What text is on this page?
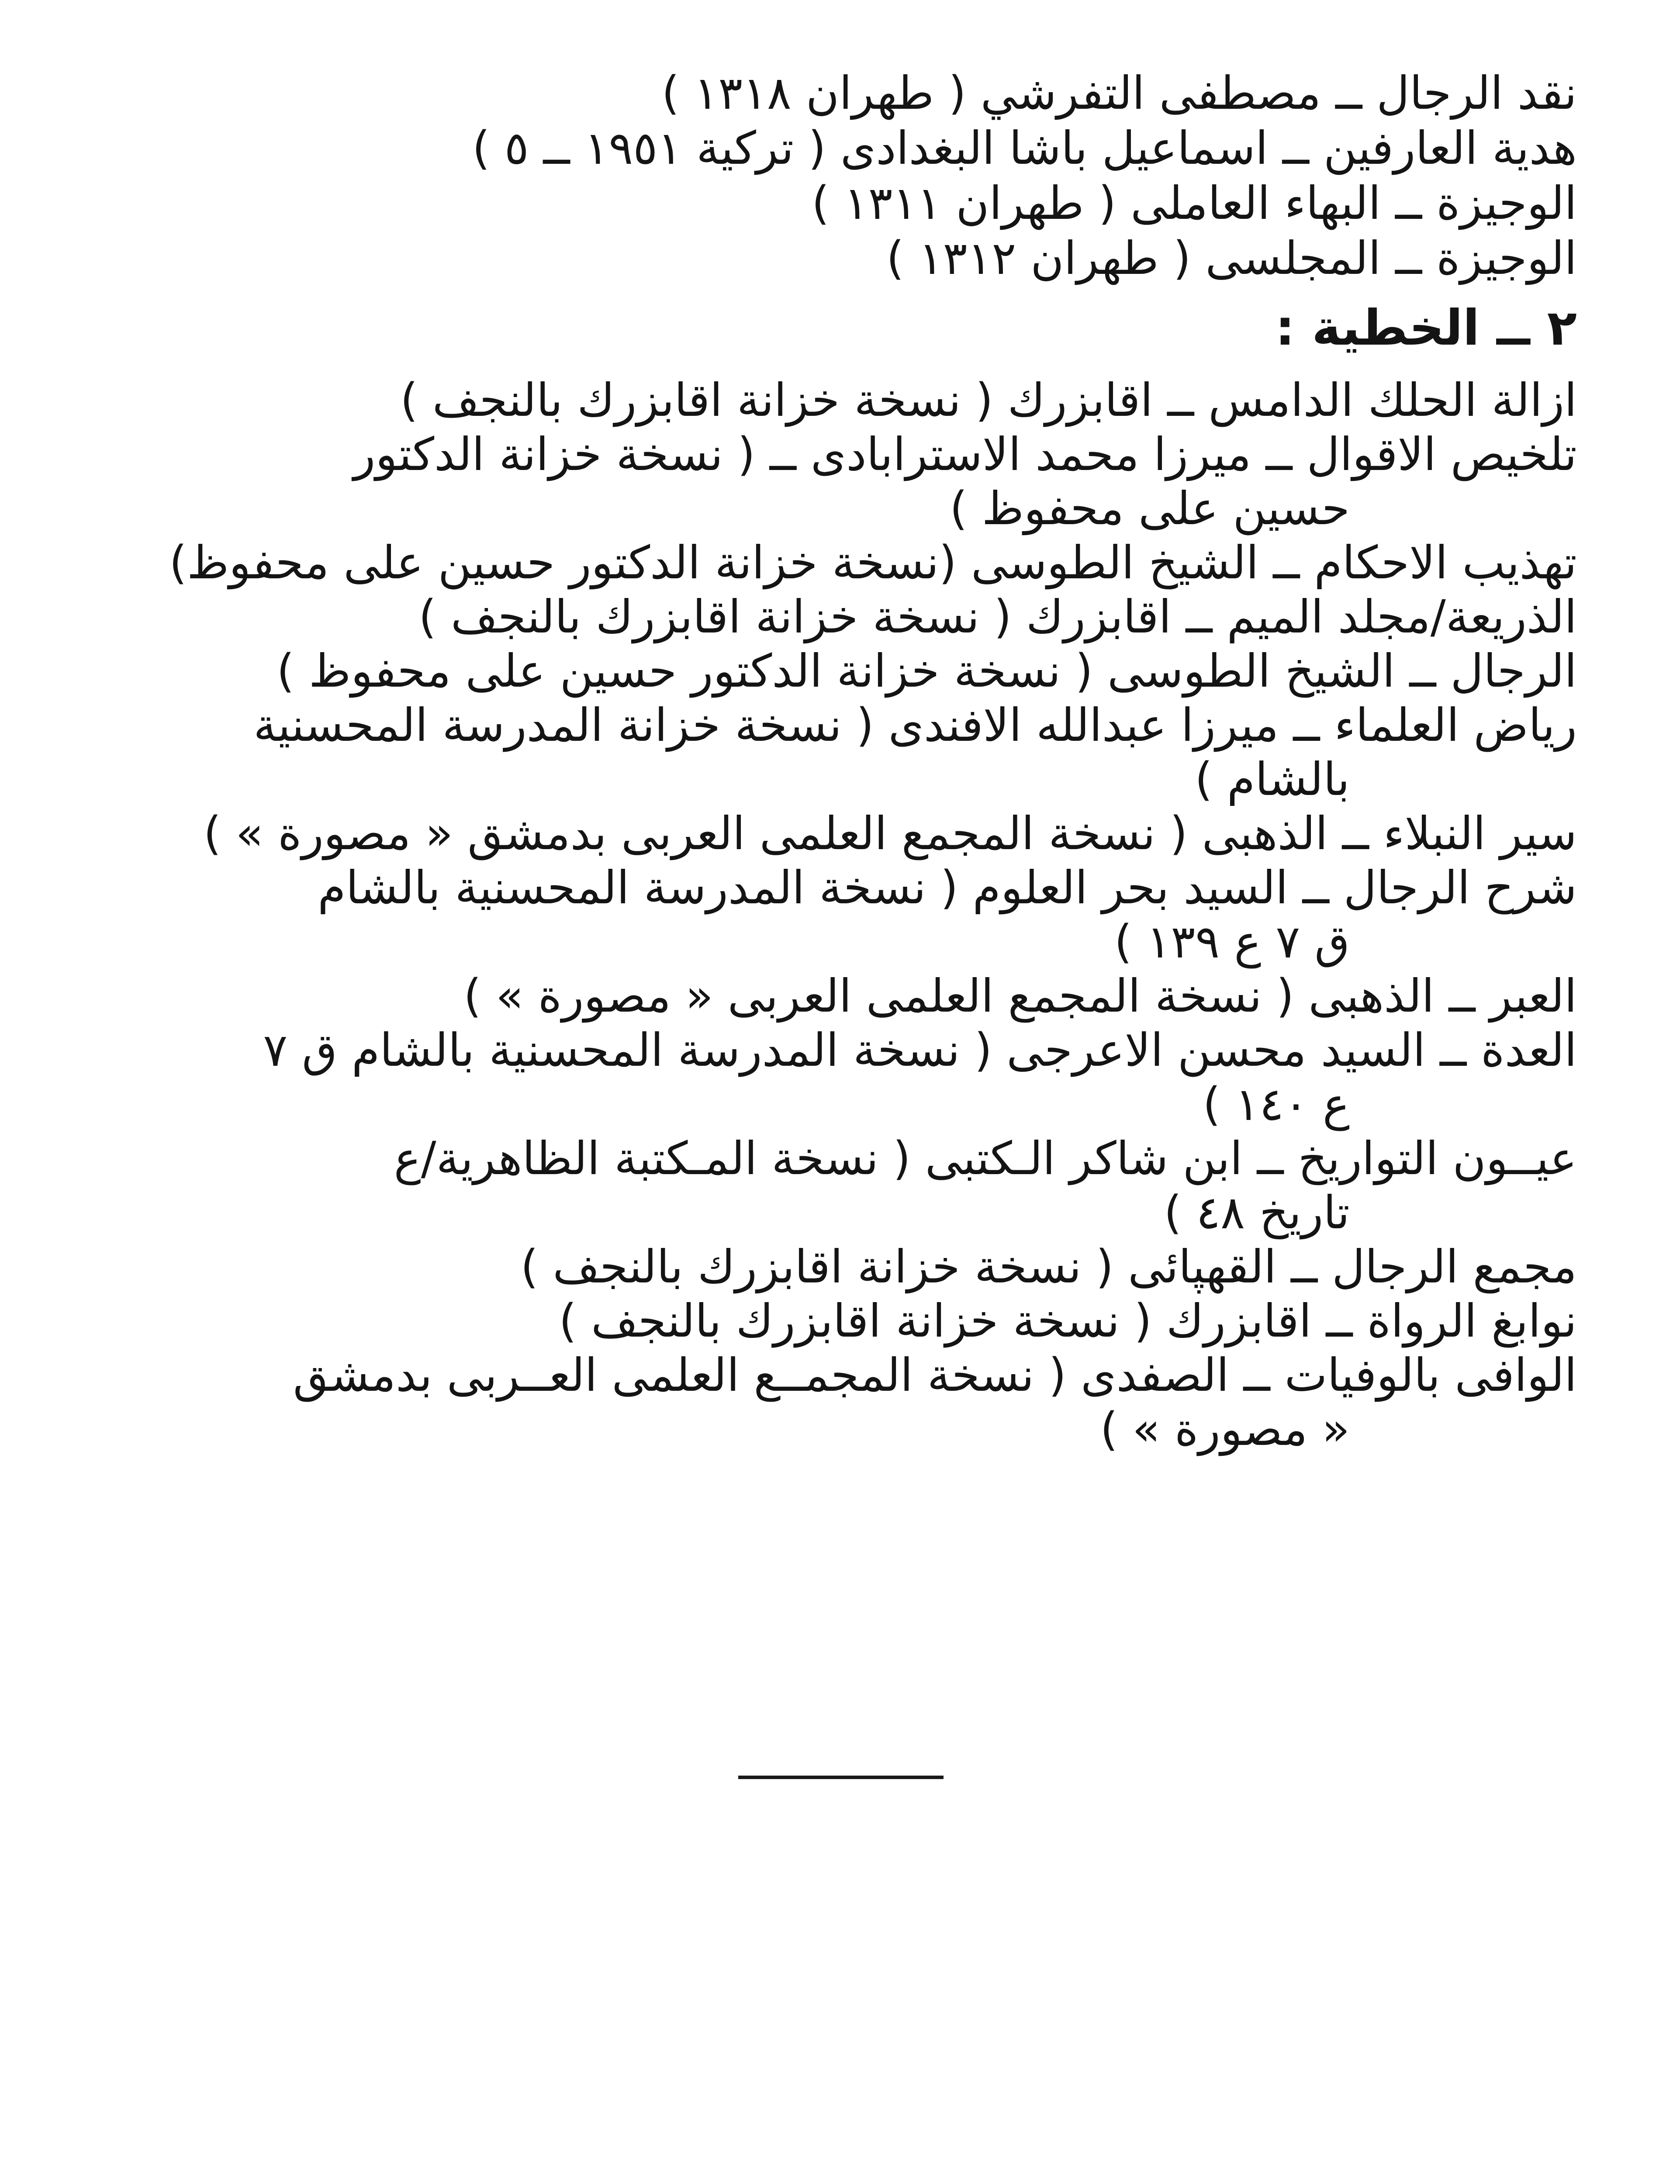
نقد الرجال ــ مصطفى التفرشي ( طهران ١٣١٨ )

هدية العارفين ــ اسماعيل باشا البغدادى ( تركية ١٩٥١ ــ ٥ )

الوجيزة ــ البهاء العاملى ( طهران ١٣١١ )

الوجيزة ــ المجلسى ( طهران ١٣١٢ )

٢ ــ الخطية :

ازالة الحلك الدامس ــ اقابزرك ( نسخة خزانة اقابزرك بالنجف )

تلخيص الاقوال ــ ميرزا محمد الاسترابادى ــ ( نسخة خزانة الدكتور

حسين على محفوظ )

تهذيب الاحكام ــ الشيخ الطوسى (نسخة خزانة الدكتور حسين على محفوظ)

الذريعة/مجلد الميم ــ اقابزرك ( نسخة خزانة اقابزرك بالنجف )

الرجال ــ الشيخ الطوسى ( نسخة خزانة الدكتور حسين على محفوظ )

رياض العلماء ــ ميرزا عبدالله الافندى ( نسخة خزانة المدرسة المحسنية

بالشام )

سير النبلاء ــ الذهبى ( نسخة المجمع العلمى العربى بدمشق « مصورة » )

شرح الرجال ــ السيد بحر العلوم ( نسخة المدرسة المحسنية بالشام

ق ٧ ع ١٣٩ )

العبر ــ الذهبى ( نسخة المجمع العلمى العربى « مصورة » )

العدة ــ السيد محسن الاعرجى ( نسخة المدرسة المحسنية بالشام ق ٧

ع ١٤٠ )

عيــون التواريخ ــ ابن شاكر الـكتبى ( نسخة المـكتبة الظاهرية/ع

تاريخ ٤٨ )

مجمع الرجال ــ القهپائى ( نسخة خزانة اقابزرك بالنجف )

نوابغ الرواة ــ اقابزرك ( نسخة خزانة اقابزرك بالنجف )

الوافى بالوفيات ــ الصفدى ( نسخة المجمــع العلمى العــربى بدمشق

« مصورة » )
